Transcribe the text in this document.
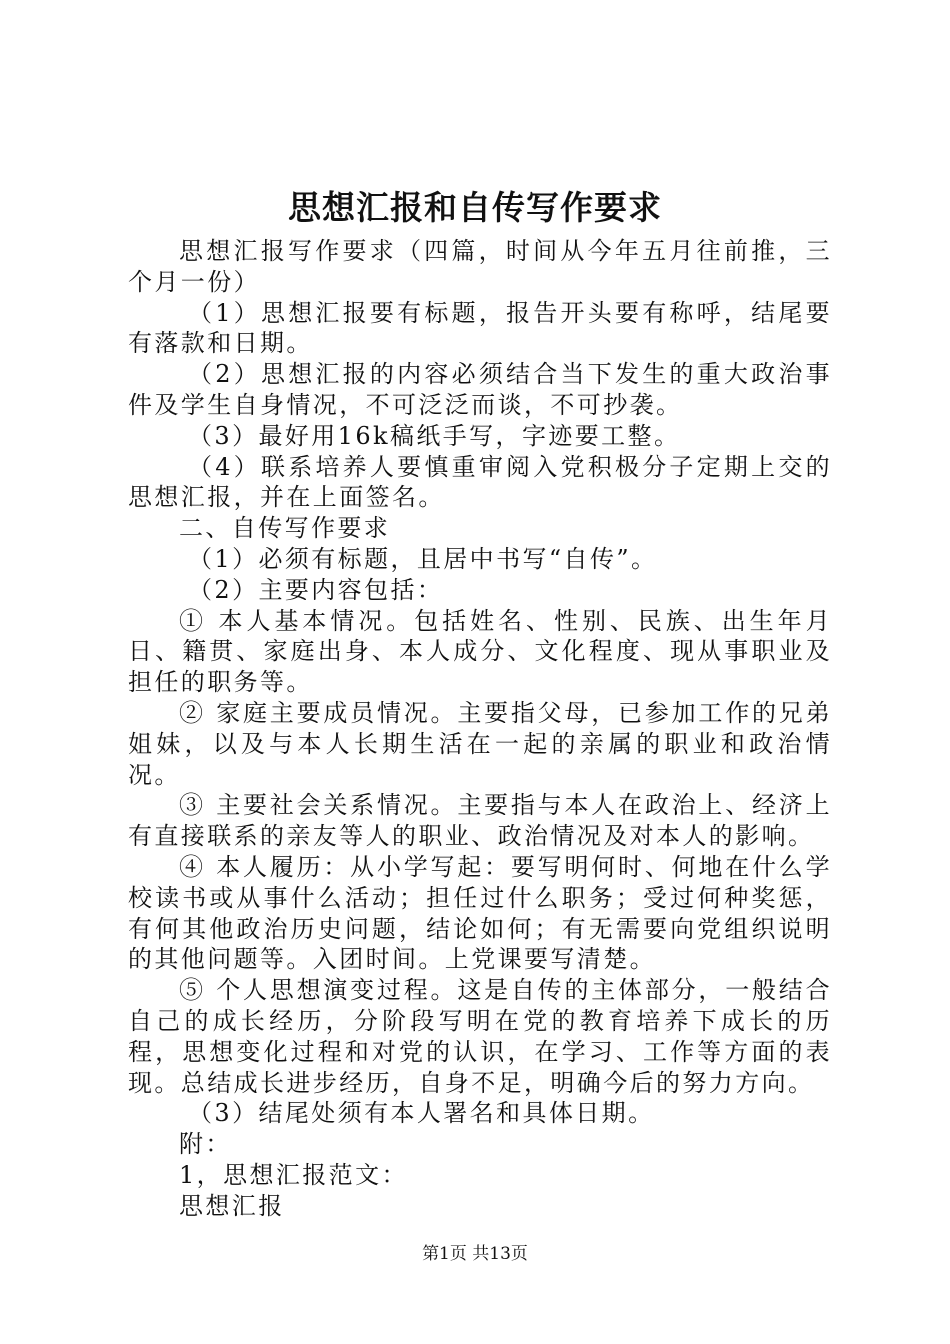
思想汇报和自传写作要求

思想汇报写作要求（四篇，时间从今年五月往前推，三个月一份）

（1）思想汇报要有标题，报告开头要有称呼，结尾要有落款和日期。

（2）思想汇报的内容必须结合当下发生的重大政治事件及学生自身情况，不可泛泛而谈，不可抄袭。

（3）最好用16k稿纸手写，字迹要工整。

（4）联系培养人要慎重审阅入党积极分子定期上交的思想汇报，并在上面签名。

二、自传写作要求

（1）必须有标题，且居中书写“自传”。

（2）主要内容包括：

① 本人基本情况。包括姓名、性别、民族、出生年月日、籍贯、家庭出身、本人成分、文化程度、现从事职业及担任的职务等。

② 家庭主要成员情况。主要指父母，已参加工作的兄弟姐妹，以及与本人长期生活在一起的亲属的职业和政治情况。

③ 主要社会关系情况。主要指与本人在政治上、经济上有直接联系的亲友等人的职业、政治情况及对本人的影响。

④ 本人履历：从小学写起：要写明何时、何地在什么学校读书或从事什么活动；担任过什么职务；受过何种奖惩，有何其他政治历史问题，结论如何；有无需要向党组织说明的其他问题等。入团时间。上党课要写清楚。

⑤ 个人思想演变过程。这是自传的主体部分，一般结合自己的成长经历，分阶段写明在党的教育培养下成长的历程，思想变化过程和对党的认识，在学习、工作等方面的表现。总结成长进步经历，自身不足，明确今后的努力方向。

（3）结尾处须有本人署名和具体日期。

附：

1，思想汇报范文：

思想汇报

第1页 共13页
